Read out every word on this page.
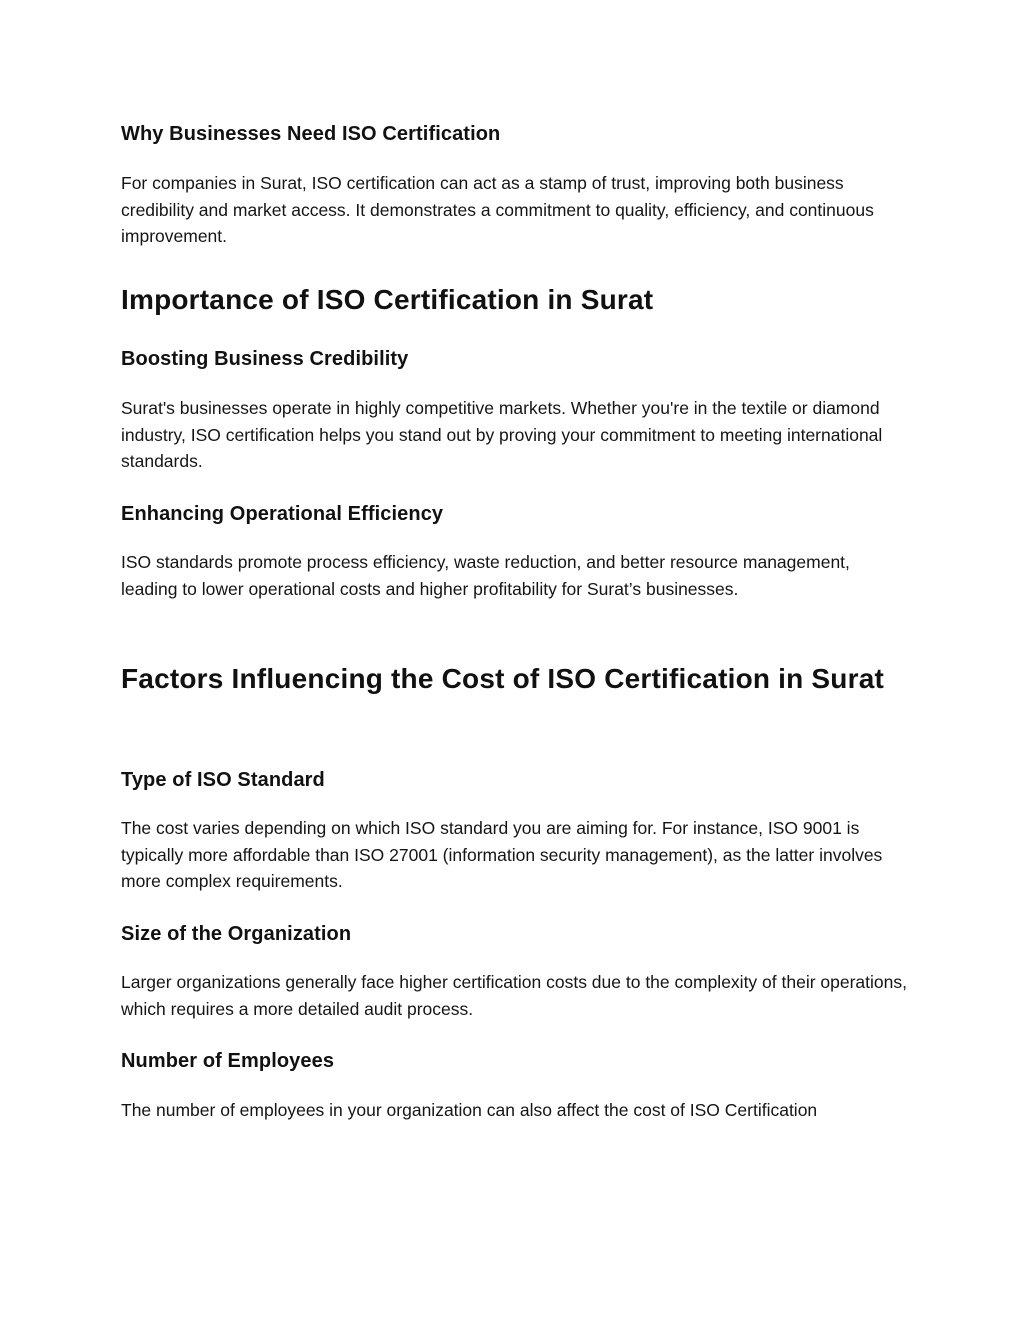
Why Businesses Need ISO Certification

For companies in Surat, ISO certification can act as a stamp of trust, improving both business credibility and market access. It demonstrates a commitment to quality, efficiency, and continuous improvement.

Importance of ISO Certification in Surat
Boosting Business Credibility

Surat's businesses operate in highly competitive markets. Whether you're in the textile or diamond industry, ISO certification helps you stand out by proving your commitment to meeting international standards.

Enhancing Operational Efficiency

ISO standards promote process efficiency, waste reduction, and better resource management, leading to lower operational costs and higher profitability for Surat’s businesses.

Factors Influencing the Cost of ISO Certification in Surat
Type of ISO Standard

The cost varies depending on which ISO standard you are aiming for. For instance, ISO 9001 is typically more affordable than ISO 27001 (information security management), as the latter involves more complex requirements.

Size of the Organization

Larger organizations generally face higher certification costs due to the complexity of their operations, which requires a more detailed audit process.

Number of Employees

The number of employees in your organization can also affect the cost of ISO Certification
